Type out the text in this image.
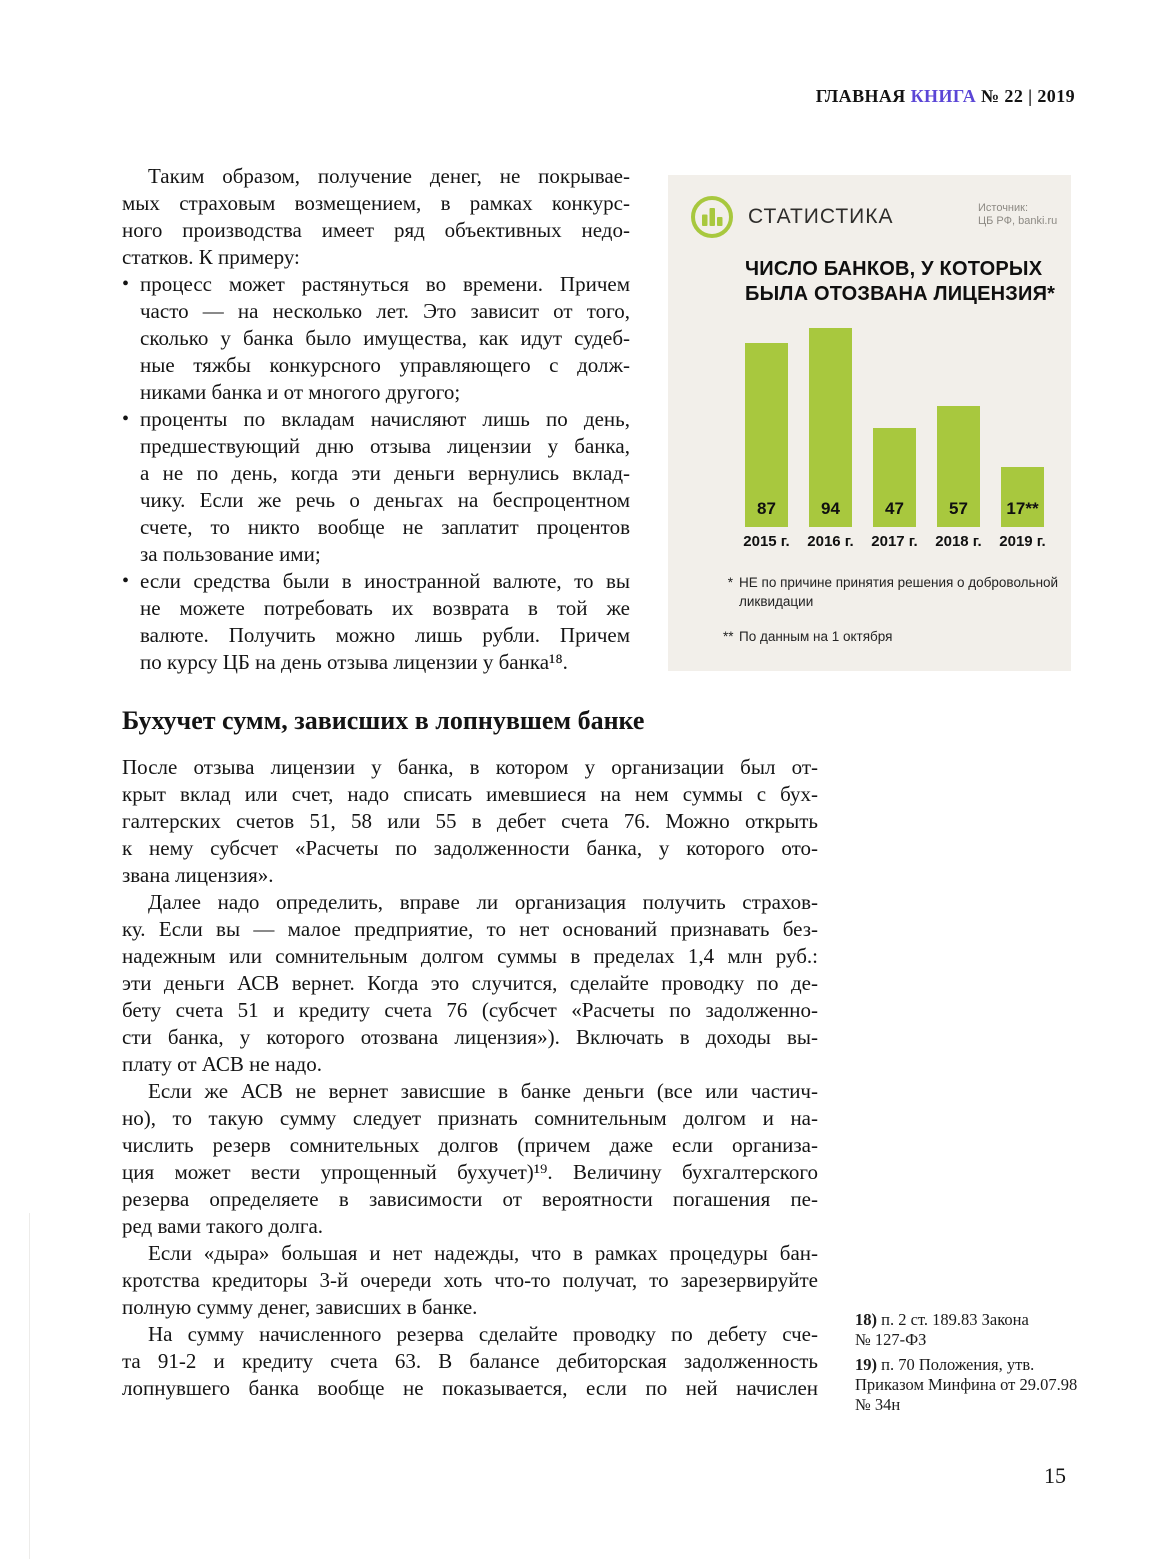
ГЛАВНАЯ КНИГА № 22 | 2019
Таким образом, получение денег, не покрывае-
мых страховым возмещением, в рамках конкурс-
ного производства имеет ряд объективных недо-
статков. К примеру:
• процесс может растянуться во времени. Причем
часто — на несколько лет. Это зависит от того,
сколько у банка было имущества, как идут судеб-
ные тяжбы конкурсного управляющего с долж-
никами банка и от многого другого;
• проценты по вкладам начисляют лишь по день,
предшествующий дню отзыва лицензии у банка,
а не по день, когда эти деньги вернулись вклад-
чику. Если же речь о деньгах на беспроцентном
счете, то никто вообще не заплатит процентов
за пользование ими;
• если средства были в иностранной валюте, то вы
не можете потребовать их возврата в той же
валюте. Получить можно лишь рубли. Причем
по курсу ЦБ на день отзыва лицензии у банка¹⁸.
СТАТИСТИКА	Источник:
ЦБ РФ, banki.ru
ЧИСЛО БАНКОВ, У КОТОРЫХ
БЫЛА ОТОЗВАНА ЛИЦЕНЗИЯ*
87
2015 г.
94
2016 г.
47
2017 г.
57
2018 г.
17**
2019 г.
* НЕ по причине принятия решения о добровольной
ликвидации
** По данным на 1 октября
Бухучет сумм, зависших в лопнувшем банке
После отзыва лицензии у банка, в котором у организации был от-
крыт вклад или счет, надо списать имевшиеся на нем суммы с бух-
галтерских счетов 51, 58 или 55 в дебет счета 76. Можно открыть
к нему субсчет «Расчеты по задолженности банка, у которого ото-
звана лицензия».
Далее надо определить, вправе ли организация получить страхов-
ку. Если вы — малое предприятие, то нет оснований признавать без-
надежным или сомнительным долгом суммы в пределах 1,4 млн руб.:
эти деньги АСВ вернет. Когда это случится, сделайте проводку по де-
бету счета 51 и кредиту счета 76 (субсчет «Расчеты по задолженно-
сти банка, у которого отозвана лицензия»). Включать в доходы вы-
плату от АСВ не надо.
Если же АСВ не вернет зависшие в банке деньги (все или частич-
но), то такую сумму следует признать сомнительным долгом и на-
числить резерв сомнительных долгов (причем даже если организа-
ция может вести упрощенный бухучет)¹⁹. Величину бухгалтерского
резерва определяете в зависимости от вероятности погашения пе-
ред вами такого долга.
Если «дыра» большая и нет надежды, что в рамках процедуры бан-
кротства кредиторы 3-й очереди хоть что-то получат, то зарезервируйте
полную сумму денег, зависших в банке.
На сумму начисленного резерва сделайте проводку по дебету сче-
та 91-2 и кредиту счета 63. В балансе дебиторская задолженность
лопнувшего банка вообще не показывается, если по ней начислен
18) п. 2 ст. 189.83 Закона
№ 127-ФЗ
19) п. 70 Положения, утв.
Приказом Минфина от 29.07.98
№ 34н
15
